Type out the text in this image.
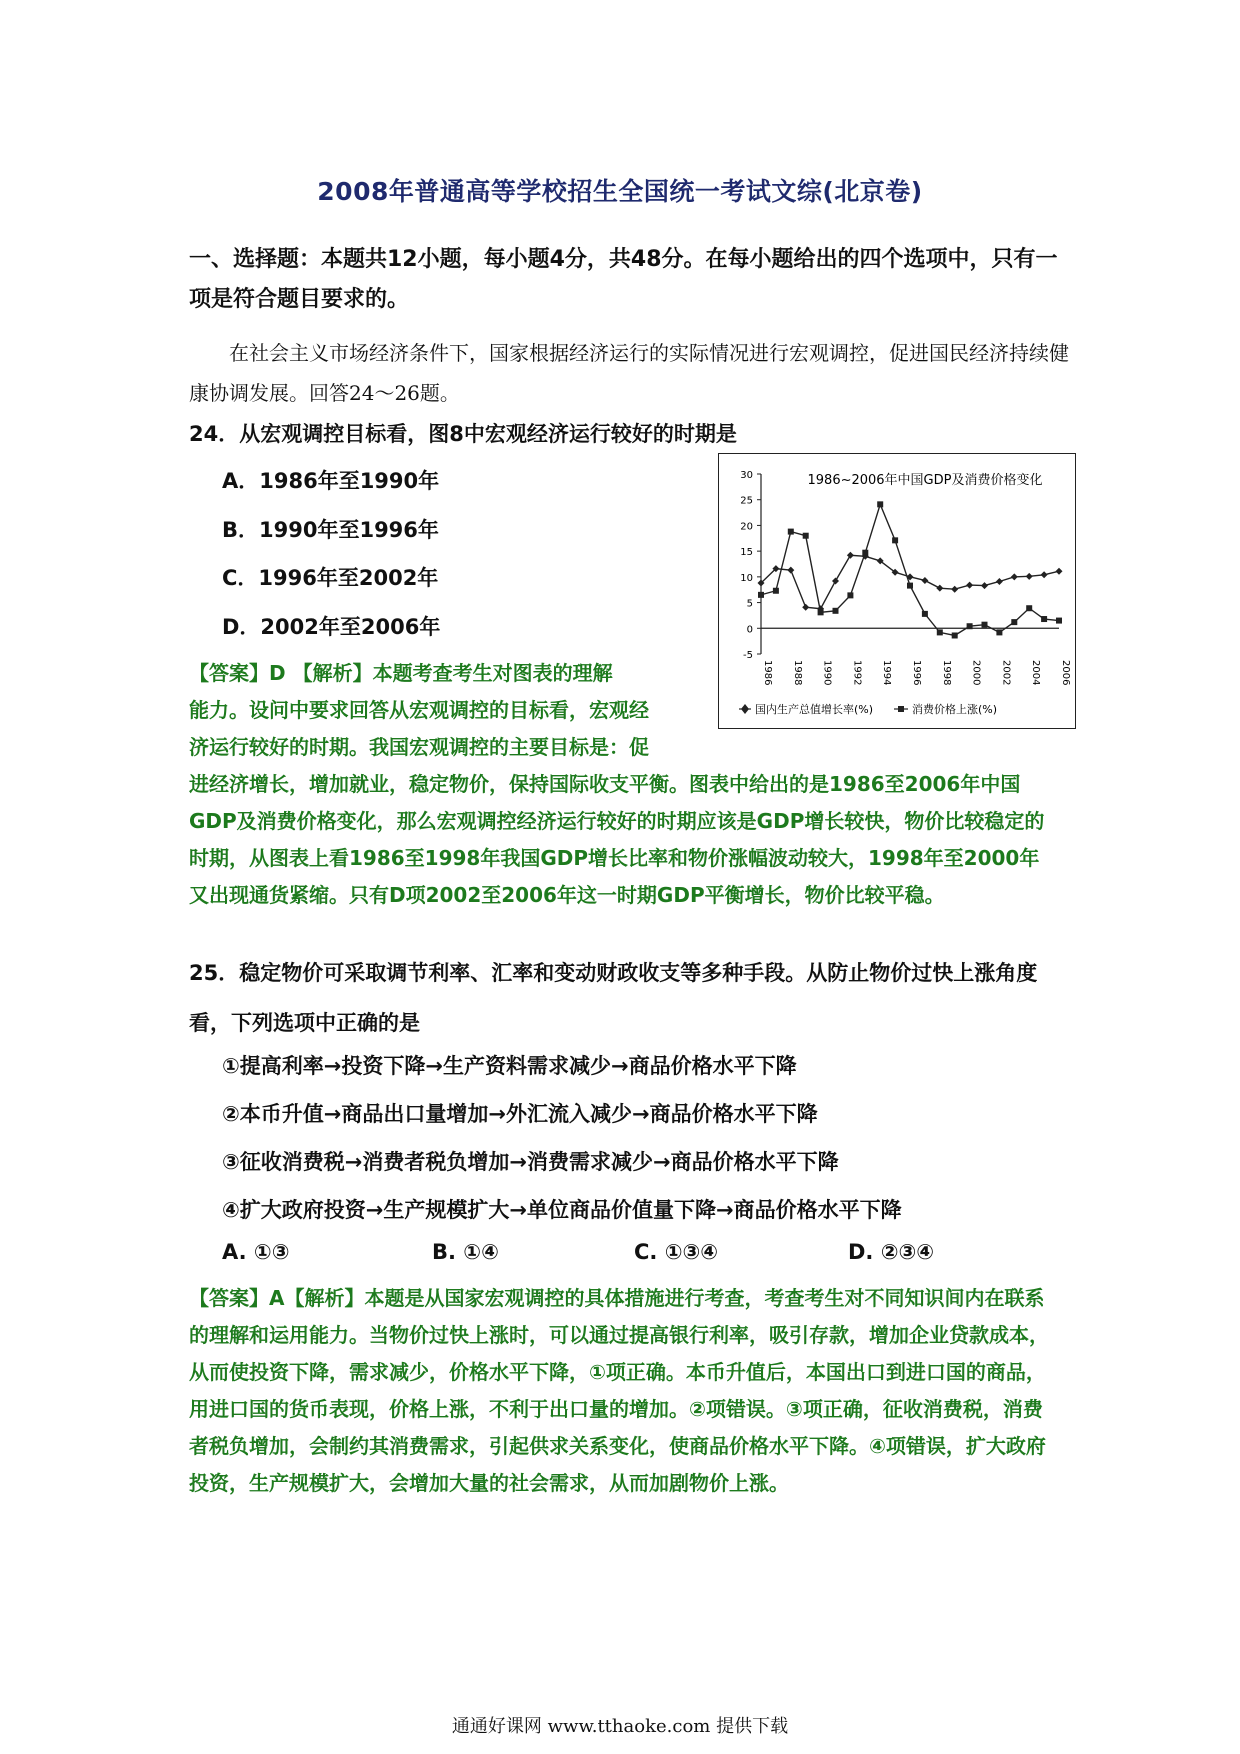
2008年普通高等学校招生全国统一考试文综(北京卷)
一、选择题：本题共12小题，每小题4分，共48分。在每小题给出的四个选项中，只有一项是符合题目要求的。
在社会主义市场经济条件下，国家根据经济运行的实际情况进行宏观调控，促进国民经济持续健康协调发展。回答24～26题。
24．从宏观调控目标看，图8中宏观经济运行较好的时期是
A．1986年至1990年
B．1990年至1996年
C．1996年至2002年
D．2002年至2006年
【答案】D 【解析】本题考查考生对图表的理解
能力。设问中要求回答从宏观调控的目标看，宏观经
济运行较好的时期。我国宏观调控的主要目标是：促
进经济增长，增加就业，稳定物价，保持国际收支平衡。图表中给出的是1986至2006年中国GDP及消费价格变化，那么宏观调控经济运行较好的时期应该是GDP增长较快，物价比较稳定的时期，从图表上看1986至1998年我国GDP增长比率和物价涨幅波动较大，1998年至2000年又出现通货紧缩。只有D项2002至2006年这一时期GDP平衡增长，物价比较平稳。
1986~2006年中国GDP及消费价格变化
30
25
20
15
10
5
0
-5
1986 1988 1990 1992 1994 1996 1998 2000 2002 2004 2006
国内生产总值增长率(%)	消费价格上涨(%)
25．稳定物价可采取调节利率、汇率和变动财政收支等多种手段。从防止物价过快上涨角度看，下列选项中正确的是
①提高利率→投资下降→生产资料需求减少→商品价格水平下降
②本币升值→商品出口量增加→外汇流入减少→商品价格水平下降
③征收消费税→消费者税负增加→消费需求减少→商品价格水平下降
④扩大政府投资→生产规模扩大→单位商品价值量下降→商品价格水平下降
A. ①③	B. ①④	C. ①③④	D. ②③④
【答案】A【解析】本题是从国家宏观调控的具体措施进行考查，考查考生对不同知识间内在联系的理解和运用能力。当物价过快上涨时，可以通过提高银行利率，吸引存款，增加企业贷款成本，从而使投资下降，需求减少，价格水平下降，①项正确。本币升值后，本国出口到进口国的商品，用进口国的货币表现，价格上涨，不利于出口量的增加。②项错误。③项正确，征收消费税，消费者税负增加，会制约其消费需求，引起供求关系变化，使商品价格水平下降。④项错误，扩大政府投资，生产规模扩大，会增加大量的社会需求，从而加剧物价上涨。
通通好课网 www.tthaoke.com 提供下载
